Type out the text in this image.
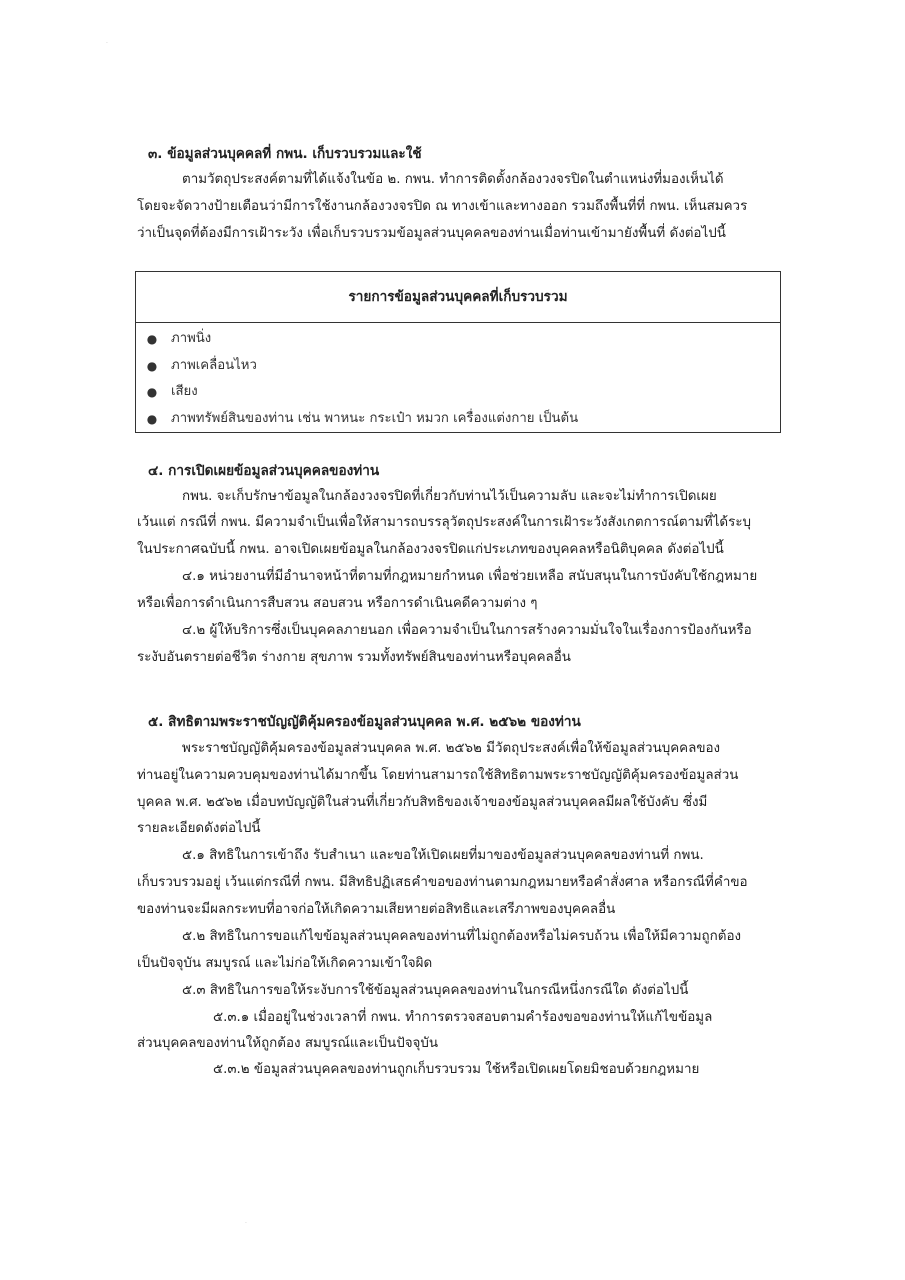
๓. ข้อมูลส่วนบุคคลที่ กพน. เก็บรวบรวมและใช้
ตามวัตถุประสงค์ตามที่ได้แจ้งในข้อ ๒. กพน. ทำการติดตั้งกล้องวงจรปิดในตำแหน่งที่มองเห็นได้
โดยจะจัดวางป้ายเตือนว่ามีการใช้งานกล้องวงจรปิด ณ ทางเข้าและทางออก รวมถึงพื้นที่ที่ กพน. เห็นสมควร
ว่าเป็นจุดที่ต้องมีการเฝ้าระวัง เพื่อเก็บรวบรวมข้อมูลส่วนบุคคลของท่านเมื่อท่านเข้ามายังพื้นที่ ดังต่อไปนี้
รายการข้อมูลส่วนบุคคลที่เก็บรวบรวม
● ภาพนิ่ง
● ภาพเคลื่อนไหว
● เสียง
● ภาพทรัพย์สินของท่าน เช่น พาหนะ กระเป๋า หมวก เครื่องแต่งกาย เป็นต้น
๔. การเปิดเผยข้อมูลส่วนบุคคลของท่าน
กพน. จะเก็บรักษาข้อมูลในกล้องวงจรปิดที่เกี่ยวกับท่านไว้เป็นความลับ และจะไม่ทำการเปิดเผย
เว้นแต่ กรณีที่ กพน. มีความจำเป็นเพื่อให้สามารถบรรลุวัตถุประสงค์ในการเฝ้าระวังสังเกตการณ์ตามที่ได้ระบุ
ในประกาศฉบับนี้ กพน. อาจเปิดเผยข้อมูลในกล้องวงจรปิดแก่ประเภทของบุคคลหรือนิติบุคคล ดังต่อไปนี้
๔.๑ หน่วยงานที่มีอำนาจหน้าที่ตามที่กฎหมายกำหนด เพื่อช่วยเหลือ สนับสนุนในการบังคับใช้กฎหมาย
หรือเพื่อการดำเนินการสืบสวน สอบสวน หรือการดำเนินคดีความต่าง ๆ
๔.๒ ผู้ให้บริการซึ่งเป็นบุคคลภายนอก เพื่อความจำเป็นในการสร้างความมั่นใจในเรื่องการป้องกันหรือ
ระงับอันตรายต่อชีวิต ร่างกาย สุขภาพ รวมทั้งทรัพย์สินของท่านหรือบุคคลอื่น
๕. สิทธิตามพระราชบัญญัติคุ้มครองข้อมูลส่วนบุคคล พ.ศ. ๒๕๖๒ ของท่าน
พระราชบัญญัติคุ้มครองข้อมูลส่วนบุคคล พ.ศ. ๒๕๖๒ มีวัตถุประสงค์เพื่อให้ข้อมูลส่วนบุคคลของ
ท่านอยู่ในความควบคุมของท่านได้มากขึ้น โดยท่านสามารถใช้สิทธิตามพระราชบัญญัติคุ้มครองข้อมูลส่วน
บุคคล พ.ศ. ๒๕๖๒ เมื่อบทบัญญัติในส่วนที่เกี่ยวกับสิทธิของเจ้าของข้อมูลส่วนบุคคลมีผลใช้บังคับ ซึ่งมี
รายละเอียดดังต่อไปนี้
๕.๑ สิทธิในการเข้าถึง รับสำเนา และขอให้เปิดเผยที่มาของข้อมูลส่วนบุคคลของท่านที่ กพน.
เก็บรวบรวมอยู่ เว้นแต่กรณีที่ กพน. มีสิทธิปฏิเสธคำขอของท่านตามกฎหมายหรือคำสั่งศาล หรือกรณีที่คำขอ
ของท่านจะมีผลกระทบที่อาจก่อให้เกิดความเสียหายต่อสิทธิและเสรีภาพของบุคคลอื่น
๕.๒ สิทธิในการขอแก้ไขข้อมูลส่วนบุคคลของท่านที่ไม่ถูกต้องหรือไม่ครบถ้วน เพื่อให้มีความถูกต้อง
เป็นปัจจุบัน สมบูรณ์ และไม่ก่อให้เกิดความเข้าใจผิด
๕.๓ สิทธิในการขอให้ระงับการใช้ข้อมูลส่วนบุคคลของท่านในกรณีหนึ่งกรณีใด ดังต่อไปนี้
๕.๓.๑ เมื่ออยู่ในช่วงเวลาที่ กพน. ทำการตรวจสอบตามคำร้องขอของท่านให้แก้ไขข้อมูล
ส่วนบุคคลของท่านให้ถูกต้อง สมบูรณ์และเป็นปัจจุบัน
๕.๓.๒ ข้อมูลส่วนบุคคลของท่านถูกเก็บรวบรวม ใช้หรือเปิดเผยโดยมิชอบด้วยกฎหมาย
·
·
